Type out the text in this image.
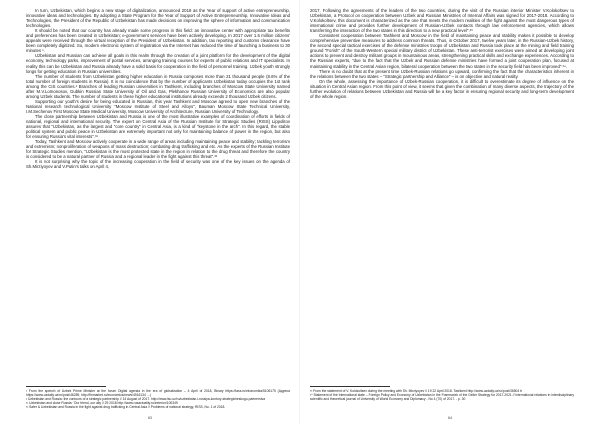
In turn, Uzbekistan, which begins a new stage of digitalization, announced 2018 as the Year of support of active entrepreneurship, innovative ideas and technologies. By adopting a State Program for the Year of Support of Active Entrepreneurship, Innovative Ideas and Technologies, the President of the Republic of Uzbekistan has made decisions on improving the sphere of information and communication technologies.

It should be noted that our country has already made some progress in this field: an innovative center with appropriate tax benefits and preferences has been created in Uzbekistan; e-government services have been actively developing. In 2017 over 1.5 million citizens' appeals were received through the virtual reception of the President of Uzbekistan. In addition, tax reporting and customs clearance have been completely digitized. So, modern electronic system of registration via the Internet has reduced the time of launching a business to 30 minutes ¹.

Uzbekistan and Russian can achieve all goals in this realm through the creation of a joint platform for the development of the digital economy, technology parks, improvement of postal services, arranging training courses for experts of public relations and IT specialists. In reality this can be Uzbekistan and Russia already have a solid basis for cooperation in the field of personnel training. Uzbek youth strongly longs for getting education in Russian universities.

The number of students from Uzbekistan getting higher education in Russia composes more than 21 thousand people (8.6% of the total number of foreign students in Russia). It is no coincidence that by the number of applicants Uzbekistan today occupies the 1st rank among the CIS countries.² Branches of leading Russian universities in Tashkent, including branches of Moscow State University named after M.V.Lomonosov, Gubkin Russian State University of Oil and Gas, Plekhanov Russian University of Economics are also popular among Uzbek students. The number of students in these higher educational institutions already exceeds 2 thousand Uzbek citizens.

Supporting our youth's desire for being educated in Russian, this year Tashkent and Moscow agreed to open new branches of the National research technological University "Moscow Institute of Steel and Alloys", Bauman Moscow State Technical University, I.M.Sechenov First Moscow State Medical University, Moscow University of Architecture, Russian University of Technology.

The close partnership between Uzbekistan and Russia is one of the most illustrative examples of coordination of efforts in fields of national, regional and international security. The expert on Central Asia of the Russian Institute for Strategic Studies (RISS) Lippolitov assures that "Uzbekistan, as the largest and “core country” in Central Asia, is a kind of “keystone in the arch”. In this regard, the stable political system and public peace in Uzbekistan are extremely important not only for maintaining balance of power in the region, but also for ensuring Russia's vital interests".³¹

Today, Tashkent and Moscow actively cooperate in a wide range of areas including maintaining peace and stability; tackling terrorism and extremism; nonproliferation of weapons of mass destruction; combating drug trafficking and etc. As the experts of the Russian Institute for Strategic Studies mention, "Uzbekistan is the most protected state in the region in relation to the drug threat and therefore the country is considered to be a natural partner of Russia and a regional leader in the fight against this threat".³²

It is not surprising why the topic of the increasing cooperation in the field of security was one of the key issues on the agenda of Sh.Mirziyoyev and V.Putin's talks on April 4,

¹ From the speech of Uzbek Prime Minister at the forum Digital agenda in the era of globalization – 4 April of 2018, Binary https://tass.ru/ekonomika/5106175 (Адреса https://www.uzdaily.uz/ru/post/46289, http://finmarket.ru/economics/news/4916134 …)

² Uzbekistan and Russia: the contours of a strategic partnership // 14 August of 2017. http://www.isu.uz/ru/uzbekistan-i-rossiya-kontury-strategicheskogo-partnerstva

³¹ Uzbekistan and close Russia: 'Our friend, our ally // 29 2018 http://www.rusactuality.ru/exterior/100349

³² Safer & Uzbekistan and Russia in the fight against drug trafficking in Central Asia // Problems of national strategy, RISS, No. 1 of 2018.

63

2017. Following the agreements of the leaders of the two countries, during the visit of the Russian interior Minister V.Kolokoltsev to Uzbekistan, a Protocol on cooperation between Uzbek and Russian Ministries of Internal Affairs was signed for 2017-2018. According to V.Kolokoltsev, this document is characterized as the one that meets the modern realities of the fight against the most dangerous types of international crime and provides further development of Russian-Uzbek contacts through law enforcement agencies, which allows transferring the interaction of the two states in this direction to a new practical level".³³

Consistent cooperation between Tashkent and Moscow in the field of maintaining peace and stability makes it possible to develop comprehensive preventive measures to address common threats. Thus, in October 2017, twelve years later, in the Russian-Uzbek history, the second special tactical exercises of the defense ministries troops of Uzbekistan and Russia took place at the mining and field training ground "Forish" of the South-Western special military district of Uzbekistan. These anti-terrorist exercises were aimed at developing joint actions to prevent and destroy militant groups in mountainous areas, strengthening practical skills and exchange experiences. According to the Russian experts, "due to the fact that the Uzbek and Russian defense ministries have formed a joint cooperation plan, focused at maintaining stability in the Central Asian region, bilateral cooperation between the two states in the security field has been improved" ³⁴.

There is no doubt that at the present time Uzbek-Russian relations go upward, confirming the fact that the characteristics inherent in the relations between the two states – "Strategic partnership and Alliance" – is on objective and natural reality.

On the whole, assessing the importance of Uzbek-Russian cooperation, it is difficult to overestimate its degree of influence on the situation in Central Asian region. From this point of view, it seems that given the combination of many diverse aspects, the trajectory of the further evolution of relations between Uzbekistan and Russia will be a key factor in ensuring regional security and long-term development of the whole region.

³³ From the statement of V. Kolokoltsev during the meeting with Sh. Mirziyoyev // 19 22 April 2018. Tashkent http://www.uzdaily.uz/ru/post/36504 tr

³⁴ Statement of the International state – Foreign Policy and Economy of Uzbekistan in the Framework of the Geller Strategy for 2017-2021 // international relations in interdisciplinary scientific and theoretical journal of University of World Economy and Diplomacy - No 4 (70) of 2017. - p. 30

64
